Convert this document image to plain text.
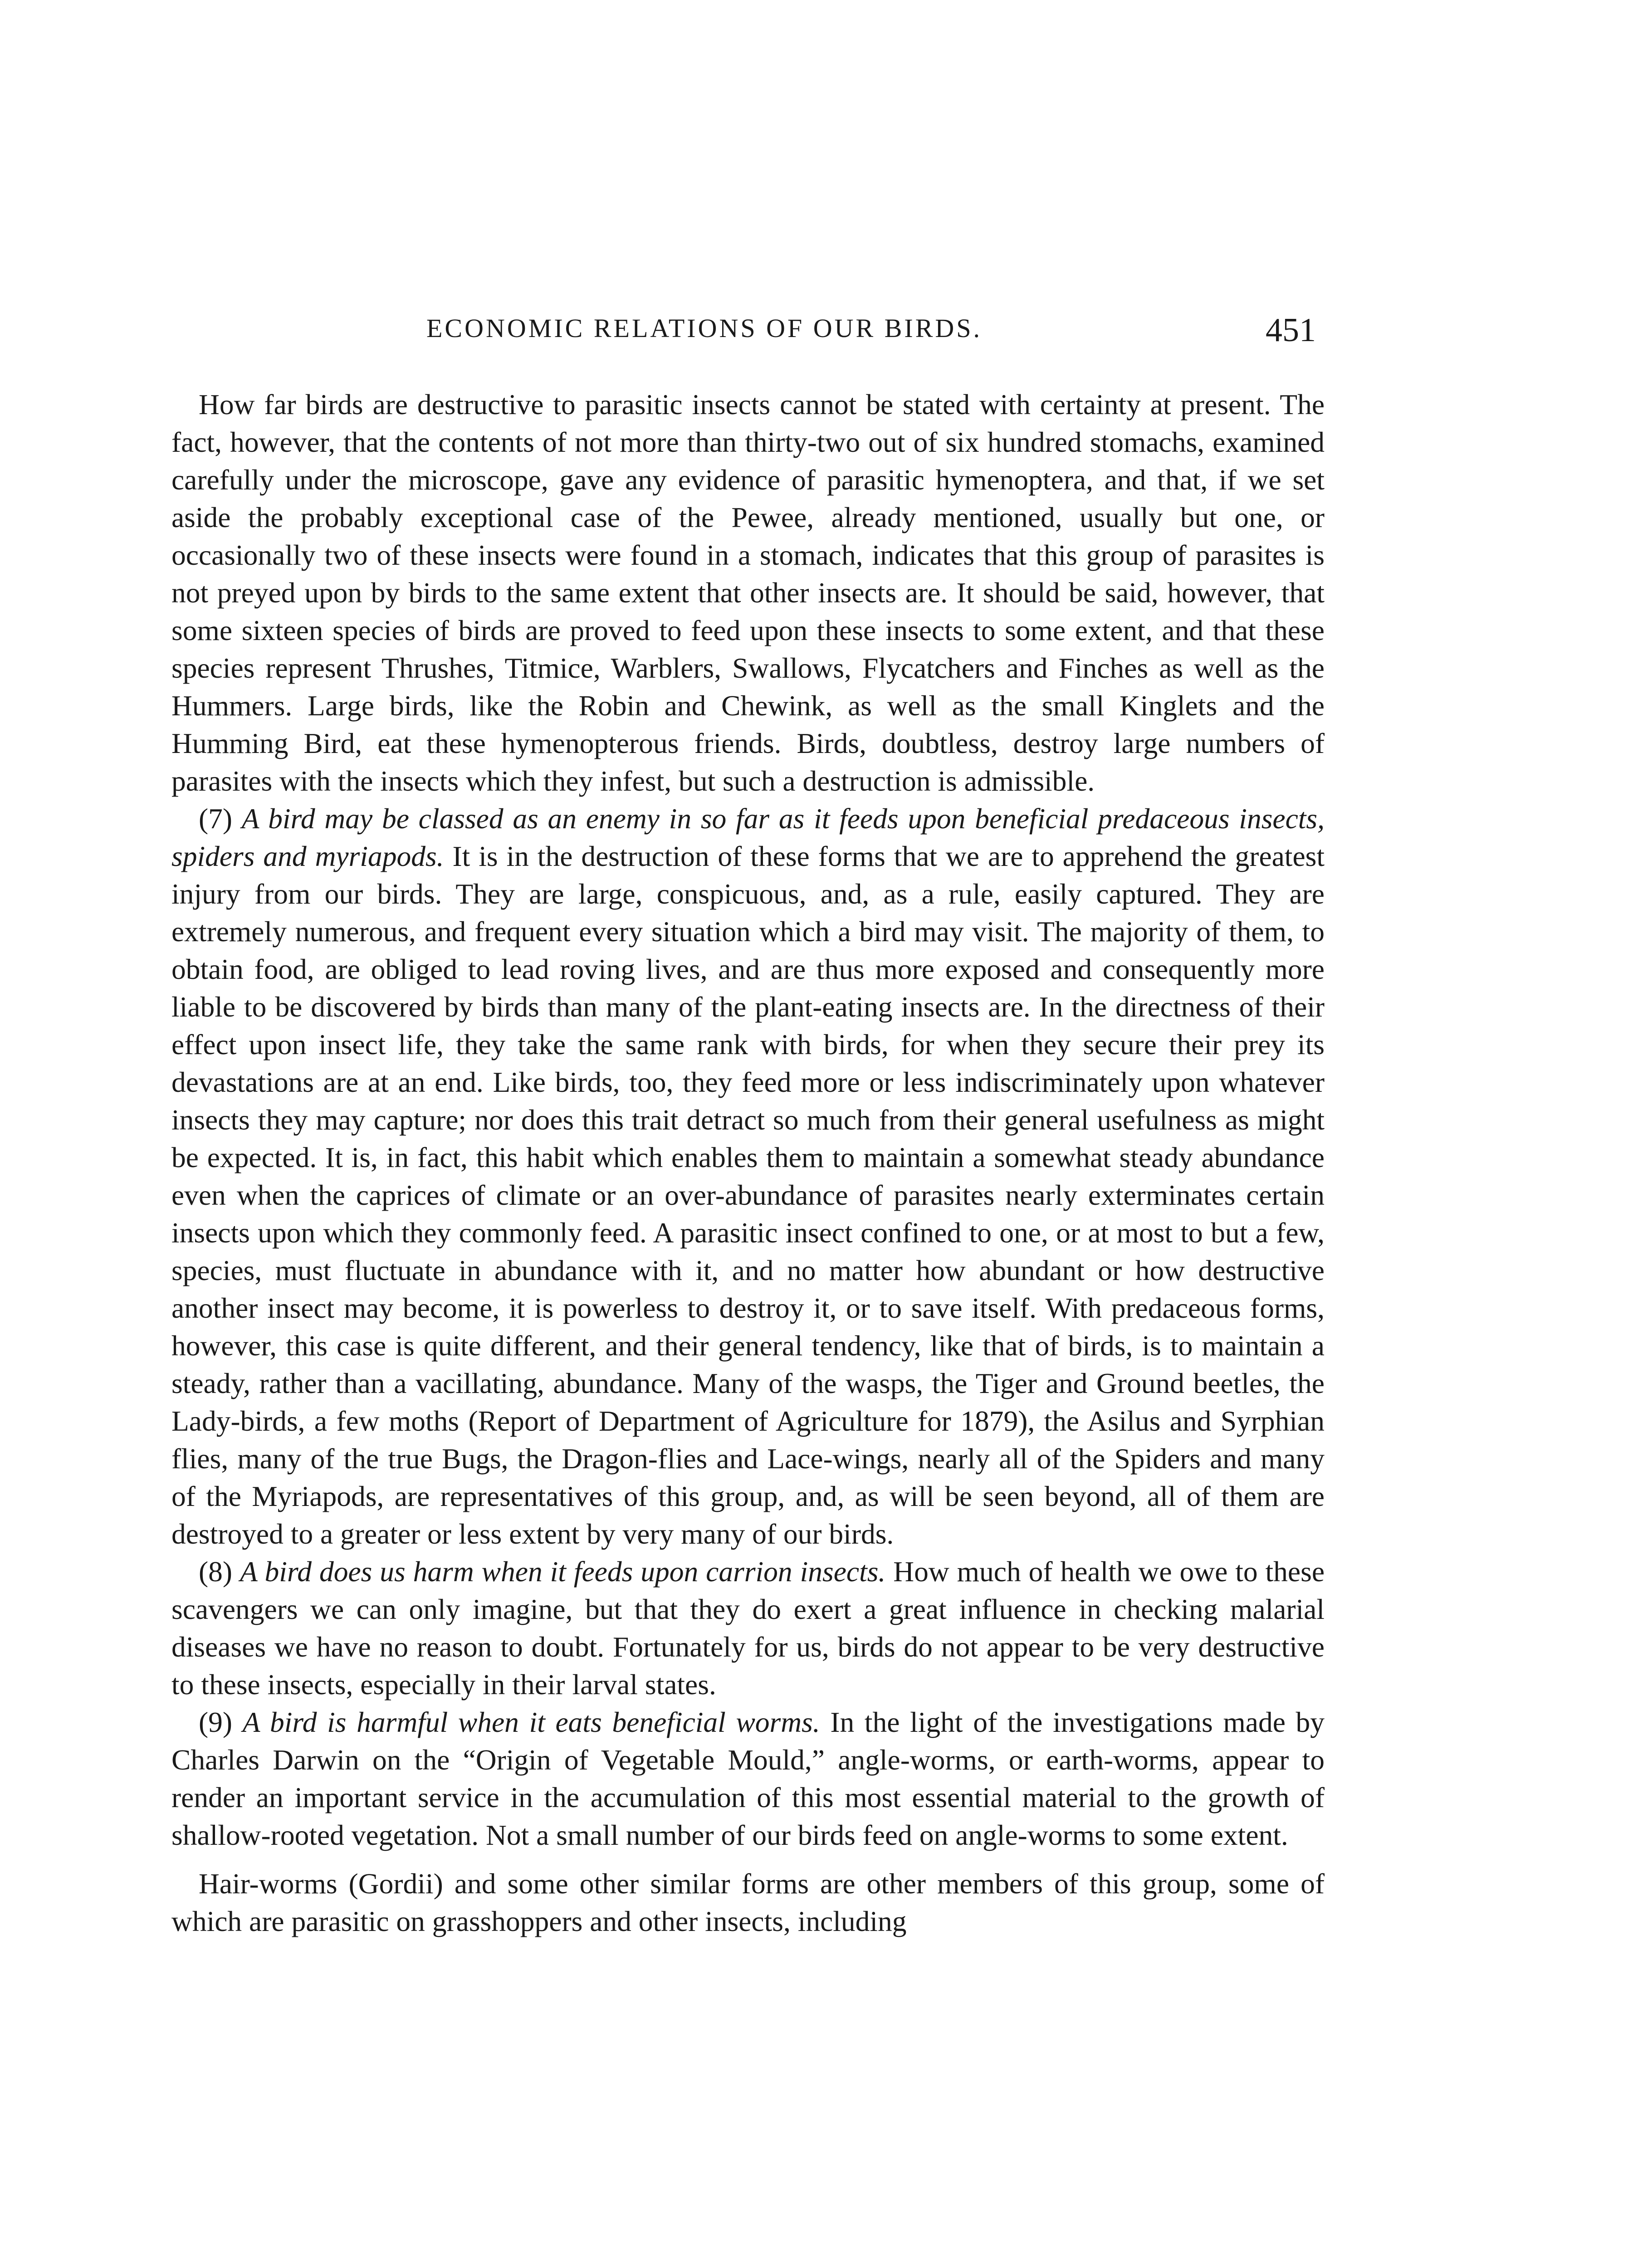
ECONOMIC RELATIONS OF OUR BIRDS.	451

How far birds are destructive to parasitic insects cannot be stated with certainty at present. The fact, however, that the contents of not more than thirty-two out of six hundred stomachs, examined carefully under the microscope, gave any evidence of parasitic hymenoptera, and that, if we set aside the probably exceptional case of the Pewee, already mentioned, usually but one, or occasionally two of these insects were found in a stomach, indicates that this group of parasites is not preyed upon by birds to the same extent that other insects are. It should be said, however, that some sixteen species of birds are proved to feed upon these insects to some extent, and that these species represent Thrushes, Titmice, Warblers, Swallows, Flycatchers and Finches as well as the Hummers. Large birds, like the Robin and Chewink, as well as the small Kinglets and the Humming Bird, eat these hymenopterous friends. Birds, doubtless, destroy large numbers of parasites with the insects which they infest, but such a destruction is admissible.

(7) A bird may be classed as an enemy in so far as it feeds upon beneficial predaceous insects, spiders and myriapods. It is in the destruction of these forms that we are to apprehend the greatest injury from our birds. They are large, conspicuous, and, as a rule, easily captured. They are extremely numerous, and frequent every situation which a bird may visit. The majority of them, to obtain food, are obliged to lead roving lives, and are thus more exposed and consequently more liable to be discovered by birds than many of the plant-eating insects are. In the directness of their effect upon insect life, they take the same rank with birds, for when they secure their prey its devastations are at an end. Like birds, too, they feed more or less indiscriminately upon whatever insects they may capture; nor does this trait detract so much from their general usefulness as might be expected. It is, in fact, this habit which enables them to maintain a somewhat steady abundance even when the caprices of climate or an over-abundance of parasites nearly exterminates certain insects upon which they commonly feed. A parasitic insect confined to one, or at most to but a few, species, must fluctuate in abundance with it, and no matter how abundant or how destructive another insect may become, it is powerless to destroy it, or to save itself. With predaceous forms, however, this case is quite different, and their general tendency, like that of birds, is to maintain a steady, rather than a vacillating, abundance. Many of the wasps, the Tiger and Ground beetles, the Lady-birds, a few moths (Report of Department of Agriculture for 1879), the Asilus and Syrphian flies, many of the true Bugs, the Dragon-flies and Lace-wings, nearly all of the Spiders and many of the Myriapods, are representatives of this group, and, as will be seen beyond, all of them are destroyed to a greater or less extent by very many of our birds.

(8) A bird does us harm when it feeds upon carrion insects. How much of health we owe to these scavengers we can only imagine, but that they do exert a great influence in checking malarial diseases we have no reason to doubt. Fortunately for us, birds do not appear to be very destructive to these insects, especially in their larval states.

(9) A bird is harmful when it eats beneficial worms. In the light of the investigations made by Charles Darwin on the “Origin of Vegetable Mould,” angle-worms, or earth-worms, appear to render an important service in the accumulation of this most essential material to the growth of shallow-rooted vegetation. Not a small number of our birds feed on angle-worms to some extent.

Hair-worms (Gordii) and some other similar forms are other members of this group, some of which are parasitic on grasshoppers and other insects, including
